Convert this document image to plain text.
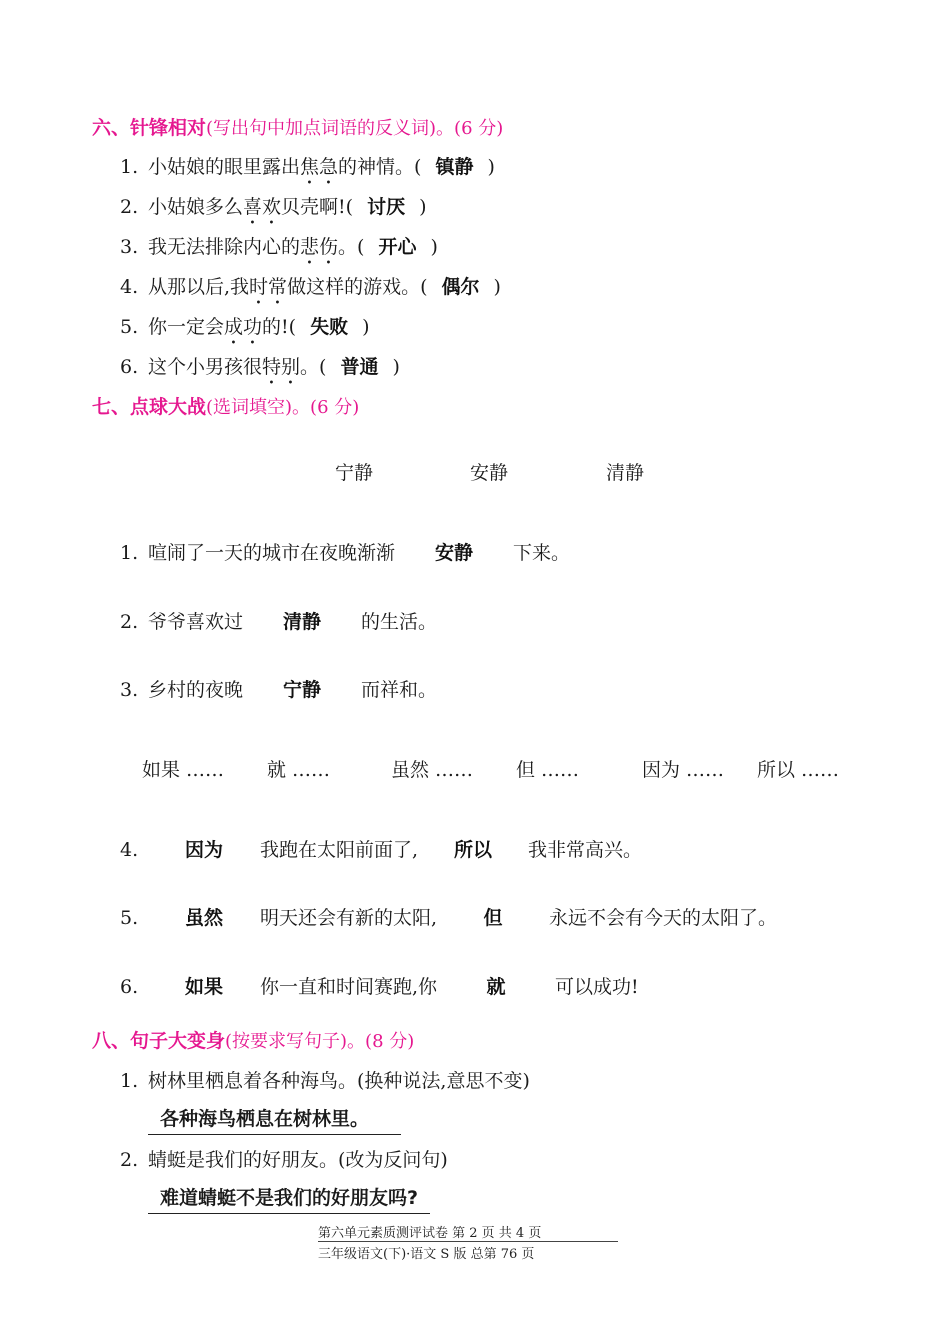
六、针锋相对(写出句中加点词语的反义词)。(6 分)
1. 小姑娘的眼里露出焦急的神情。( 镇静 )
2. 小姑娘多么喜欢贝壳啊!( 讨厌 )
3. 我无法排除内心的悲伤。( 开心 )
4. 从那以后,我时常做这样的游戏。( 偶尔 )
5. 你一定会成功的!( 失败 )
6. 这个小男孩很特别。( 普通 )
七、点球大战(选词填空)。(6 分)
宁静	安静	清静
1. 喧闹了一天的城市在夜晚渐渐 安静 下来。
2. 爷爷喜欢过 清静 的生活。
3. 乡村的夜晚 宁静 而祥和。
如果 …… 就 ……	虽然 …… 但 ……	因为 …… 所以 ……
4. 因为 我跑在太阳前面了, 所以 我非常高兴。
5. 虽然 明天还会有新的太阳, 但 永远不会有今天的太阳了。
6. 如果 你一直和时间赛跑,你	就	可以成功!
八、句子大变身(按要求写句子)。(8 分)
1. 树林里栖息着各种海鸟。(换种说法,意思不变)
各种海鸟栖息在树林里。
2. 蜻蜓是我们的好朋友。(改为反问句)
难道蜻蜓不是我们的好朋友吗?
第六单元素质测评试卷 第 2 页 共 4 页
三年级语文(下)·语文 S 版 总第 76 页
